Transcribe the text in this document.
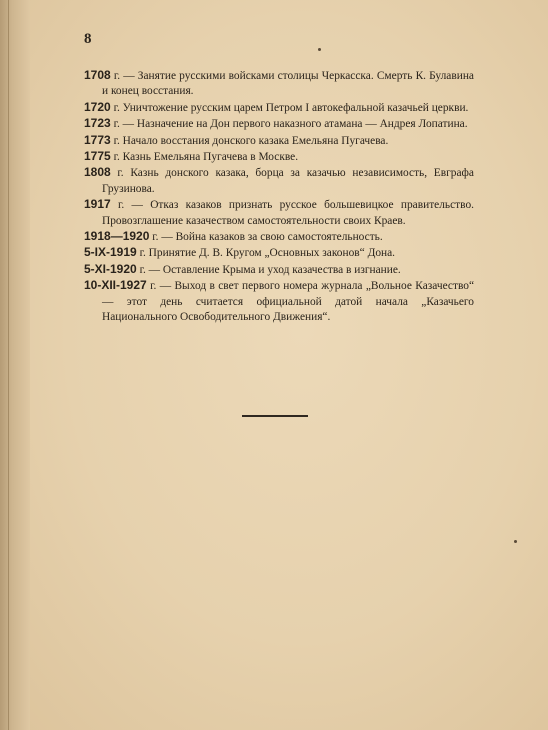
8

1708 г. — Занятие русскими войсками столицы Черкасска. Смерть К. Булавина и конец восстания.

1720 г. Уничтожение русским царем Петром I автокефальной казачьей церкви.

1723 г. — Назначение на Дон первого наказного атамана — Андрея Лопатина.

1773 г. Начало восстания донского казака Емельяна Пугачева.

1775 г. Казнь Емельяна Пугачева в Москве.

1808 г. Казнь донского казака, борца за казачью независимость, Евграфа Грузинова.

1917 г. — Отказ казаков признать русское большевицкое правительство. Провозглашение казачеством самостоятельности своих Краев.

1918—1920 г. — Война казаков за свою самостоятельность.

5-IX-1919 г. Принятие Д. В. Кругом „Основных законов“ Дона.

5-XI-1920 г. — Оставление Крыма и уход казачества в изгнание.

10-XII-1927 г. — Выход в свет первого номера журнала „Вольное Казачество“ — этот день считается официальной датой начала „Казачьего Национального Освободительного Движения“.
